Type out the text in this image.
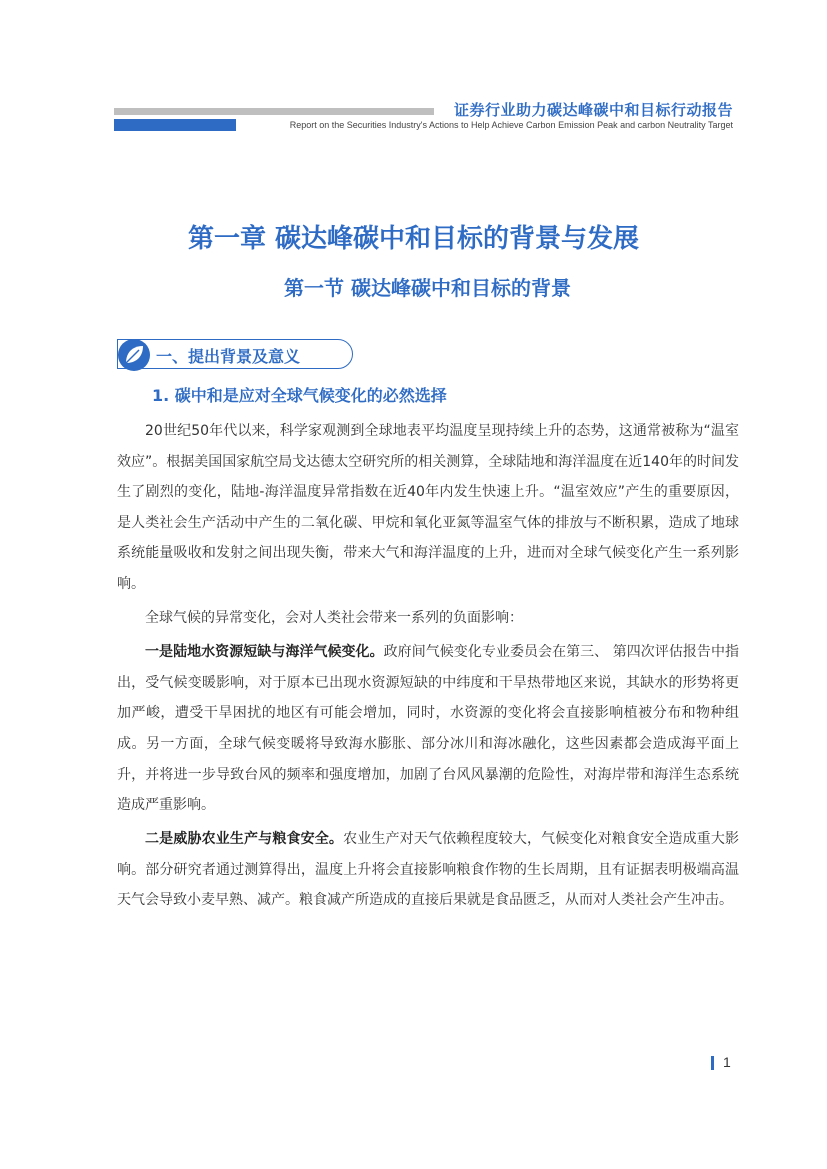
证券行业助力碳达峰碳中和目标行动报告
Report on the Securities Industry's Actions to Help Achieve Carbon Emission Peak and carbon Neutrality Target
第一章 碳达峰碳中和目标的背景与发展
第一节 碳达峰碳中和目标的背景
一、提出背景及意义
1. 碳中和是应对全球气候变化的必然选择

20世纪50年代以来，科学家观测到全球地表平均温度呈现持续上升的态势，这通常被称为“温室效应”。根据美国国家航空局戈达德太空研究所的相关测算，全球陆地和海洋温度在近140年的时间发生了剧烈的变化，陆地-海洋温度异常指数在近40年内发生快速上升。“温室效应”产生的重要原因，是人类社会生产活动中产生的二氧化碳、甲烷和氧化亚氮等温室气体的排放与不断积累，造成了地球系统能量吸收和发射之间出现失衡，带来大气和海洋温度的上升，进而对全球气候变化产生一系列影响。

全球气候的异常变化，会对人类社会带来一系列的负面影响：

一是陆地水资源短缺与海洋气候变化。政府间气候变化专业委员会在第三、 第四次评估报告中指出，受气候变暖影响，对于原本已出现水资源短缺的中纬度和干旱热带地区来说，其缺水的形势将更加严峻，遭受干旱困扰的地区有可能会增加，同时，水资源的变化将会直接影响植被分布和物种组成。另一方面，全球气候变暖将导致海水膨胀、部分冰川和海冰融化，这些因素都会造成海平面上升，并将进一步导致台风的频率和强度增加，加剧了台风风暴潮的危险性，对海岸带和海洋生态系统造成严重影响。

二是威胁农业生产与粮食安全。农业生产对天气依赖程度较大，气候变化对粮食安全造成重大影响。部分研究者通过测算得出，温度上升将会直接影响粮食作物的生长周期，且有证据表明极端高温天气会导致小麦早熟、减产。粮食减产所造成的直接后果就是食品匮乏，从而对人类社会产生冲击。

1
